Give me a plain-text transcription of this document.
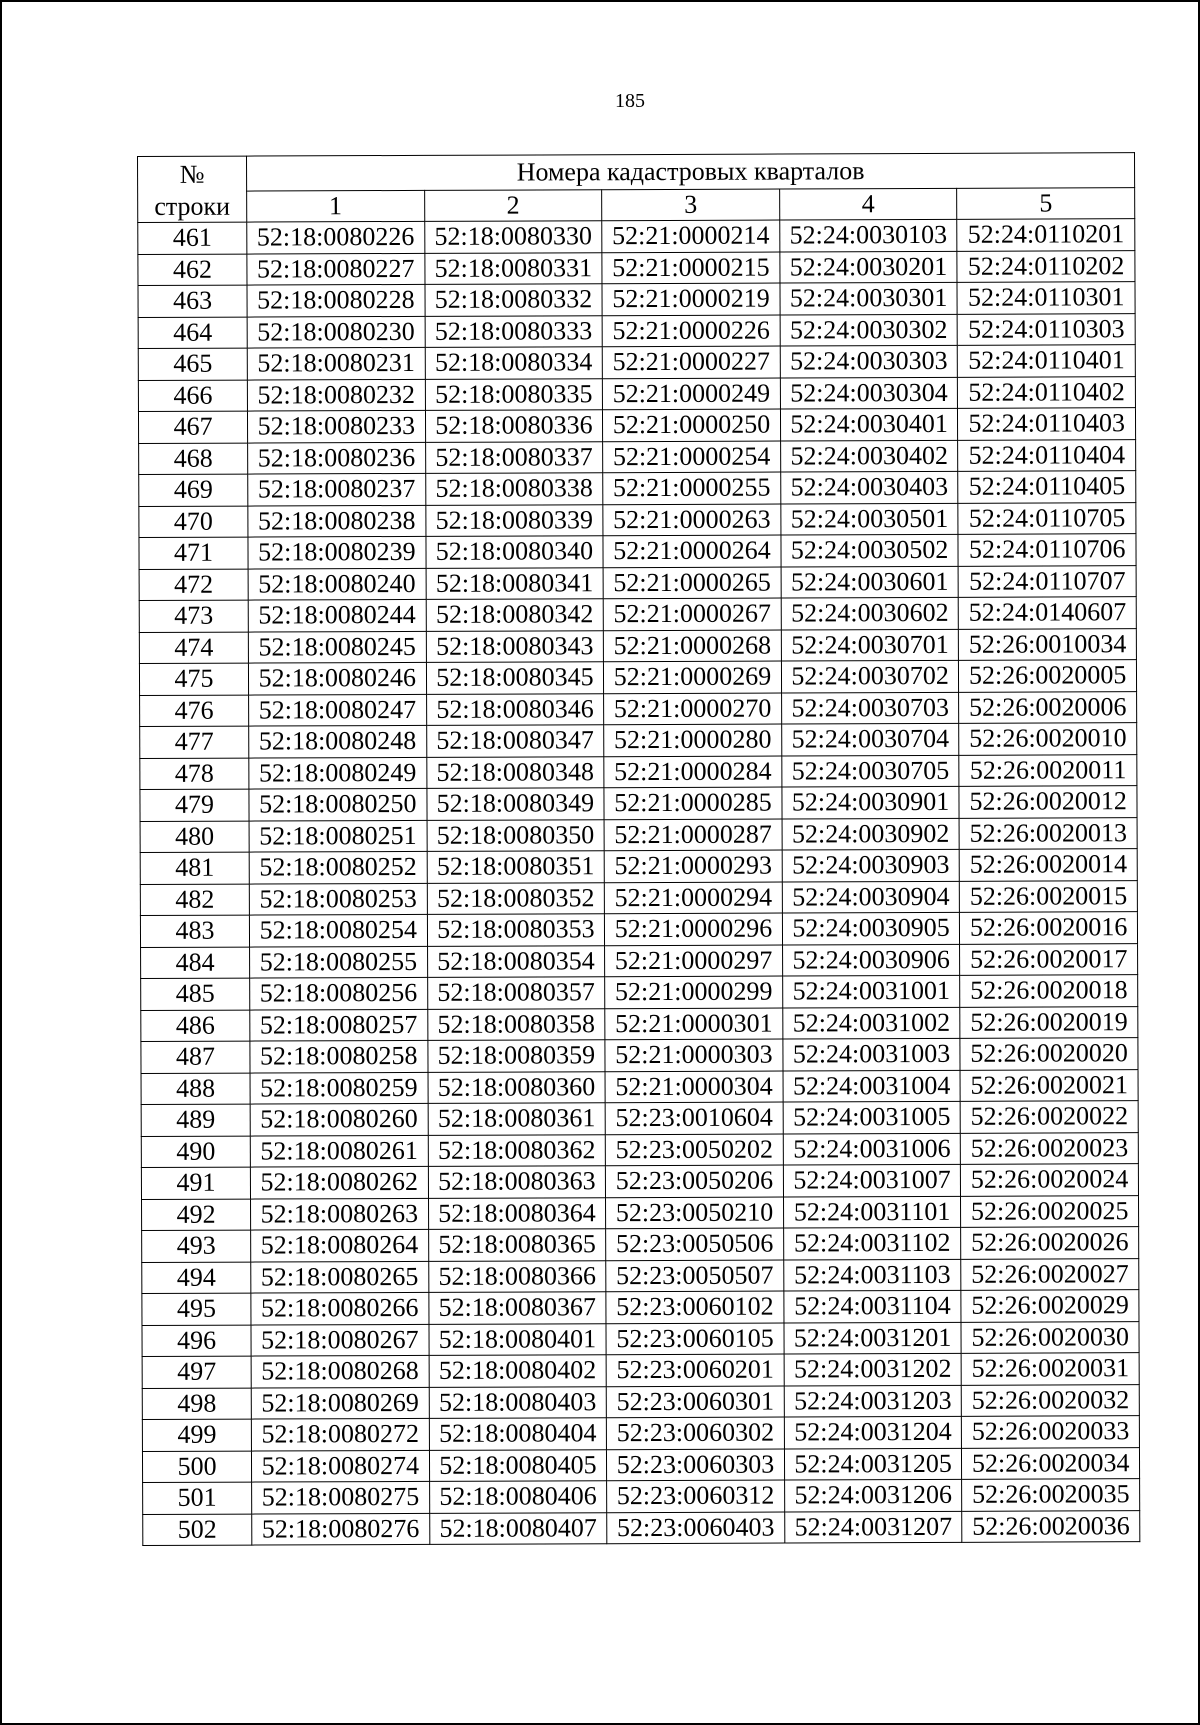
185
№
строки	Номера кадастровых кварталов				
	1	2	3	4	5
461	52:18:0080226	52:18:0080330	52:21:0000214	52:24:0030103	52:24:0110201
462	52:18:0080227	52:18:0080331	52:21:0000215	52:24:0030201	52:24:0110202
463	52:18:0080228	52:18:0080332	52:21:0000219	52:24:0030301	52:24:0110301
464	52:18:0080230	52:18:0080333	52:21:0000226	52:24:0030302	52:24:0110303
465	52:18:0080231	52:18:0080334	52:21:0000227	52:24:0030303	52:24:0110401
466	52:18:0080232	52:18:0080335	52:21:0000249	52:24:0030304	52:24:0110402
467	52:18:0080233	52:18:0080336	52:21:0000250	52:24:0030401	52:24:0110403
468	52:18:0080236	52:18:0080337	52:21:0000254	52:24:0030402	52:24:0110404
469	52:18:0080237	52:18:0080338	52:21:0000255	52:24:0030403	52:24:0110405
470	52:18:0080238	52:18:0080339	52:21:0000263	52:24:0030501	52:24:0110705
471	52:18:0080239	52:18:0080340	52:21:0000264	52:24:0030502	52:24:0110706
472	52:18:0080240	52:18:0080341	52:21:0000265	52:24:0030601	52:24:0110707
473	52:18:0080244	52:18:0080342	52:21:0000267	52:24:0030602	52:24:0140607
474	52:18:0080245	52:18:0080343	52:21:0000268	52:24:0030701	52:26:0010034
475	52:18:0080246	52:18:0080345	52:21:0000269	52:24:0030702	52:26:0020005
476	52:18:0080247	52:18:0080346	52:21:0000270	52:24:0030703	52:26:0020006
477	52:18:0080248	52:18:0080347	52:21:0000280	52:24:0030704	52:26:0020010
478	52:18:0080249	52:18:0080348	52:21:0000284	52:24:0030705	52:26:0020011
479	52:18:0080250	52:18:0080349	52:21:0000285	52:24:0030901	52:26:0020012
480	52:18:0080251	52:18:0080350	52:21:0000287	52:24:0030902	52:26:0020013
481	52:18:0080252	52:18:0080351	52:21:0000293	52:24:0030903	52:26:0020014
482	52:18:0080253	52:18:0080352	52:21:0000294	52:24:0030904	52:26:0020015
483	52:18:0080254	52:18:0080353	52:21:0000296	52:24:0030905	52:26:0020016
484	52:18:0080255	52:18:0080354	52:21:0000297	52:24:0030906	52:26:0020017
485	52:18:0080256	52:18:0080357	52:21:0000299	52:24:0031001	52:26:0020018
486	52:18:0080257	52:18:0080358	52:21:0000301	52:24:0031002	52:26:0020019
487	52:18:0080258	52:18:0080359	52:21:0000303	52:24:0031003	52:26:0020020
488	52:18:0080259	52:18:0080360	52:21:0000304	52:24:0031004	52:26:0020021
489	52:18:0080260	52:18:0080361	52:23:0010604	52:24:0031005	52:26:0020022
490	52:18:0080261	52:18:0080362	52:23:0050202	52:24:0031006	52:26:0020023
491	52:18:0080262	52:18:0080363	52:23:0050206	52:24:0031007	52:26:0020024
492	52:18:0080263	52:18:0080364	52:23:0050210	52:24:0031101	52:26:0020025
493	52:18:0080264	52:18:0080365	52:23:0050506	52:24:0031102	52:26:0020026
494	52:18:0080265	52:18:0080366	52:23:0050507	52:24:0031103	52:26:0020027
495	52:18:0080266	52:18:0080367	52:23:0060102	52:24:0031104	52:26:0020029
496	52:18:0080267	52:18:0080401	52:23:0060105	52:24:0031201	52:26:0020030
497	52:18:0080268	52:18:0080402	52:23:0060201	52:24:0031202	52:26:0020031
498	52:18:0080269	52:18:0080403	52:23:0060301	52:24:0031203	52:26:0020032
499	52:18:0080272	52:18:0080404	52:23:0060302	52:24:0031204	52:26:0020033
500	52:18:0080274	52:18:0080405	52:23:0060303	52:24:0031205	52:26:0020034
501	52:18:0080275	52:18:0080406	52:23:0060312	52:24:0031206	52:26:0020035
502	52:18:0080276	52:18:0080407	52:23:0060403	52:24:0031207	52:26:0020036
